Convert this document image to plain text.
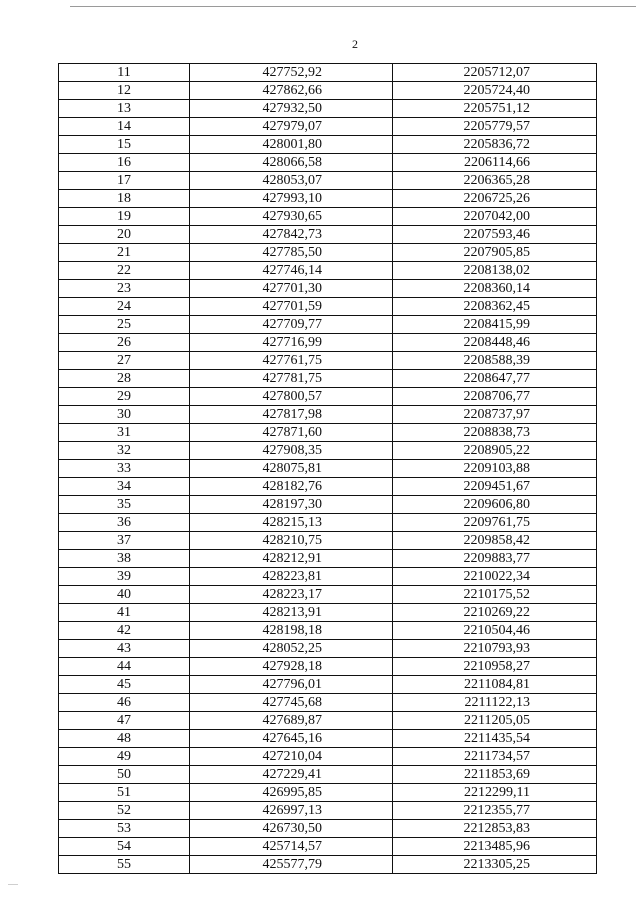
2
11	427752,92	2205712,07
12	427862,66	2205724,40
13	427932,50	2205751,12
14	427979,07	2205779,57
15	428001,80	2205836,72
16	428066,58	2206114,66
17	428053,07	2206365,28
18	427993,10	2206725,26
19	427930,65	2207042,00
20	427842,73	2207593,46
21	427785,50	2207905,85
22	427746,14	2208138,02
23	427701,30	2208360,14
24	427701,59	2208362,45
25	427709,77	2208415,99
26	427716,99	2208448,46
27	427761,75	2208588,39
28	427781,75	2208647,77
29	427800,57	2208706,77
30	427817,98	2208737,97
31	427871,60	2208838,73
32	427908,35	2208905,22
33	428075,81	2209103,88
34	428182,76	2209451,67
35	428197,30	2209606,80
36	428215,13	2209761,75
37	428210,75	2209858,42
38	428212,91	2209883,77
39	428223,81	2210022,34
40	428223,17	2210175,52
41	428213,91	2210269,22
42	428198,18	2210504,46
43	428052,25	2210793,93
44	427928,18	2210958,27
45	427796,01	2211084,81
46	427745,68	2211122,13
47	427689,87	2211205,05
48	427645,16	2211435,54
49	427210,04	2211734,57
50	427229,41	2211853,69
51	426995,85	2212299,11
52	426997,13	2212355,77
53	426730,50	2212853,83
54	425714,57	2213485,96
55	425577,79	2213305,25
